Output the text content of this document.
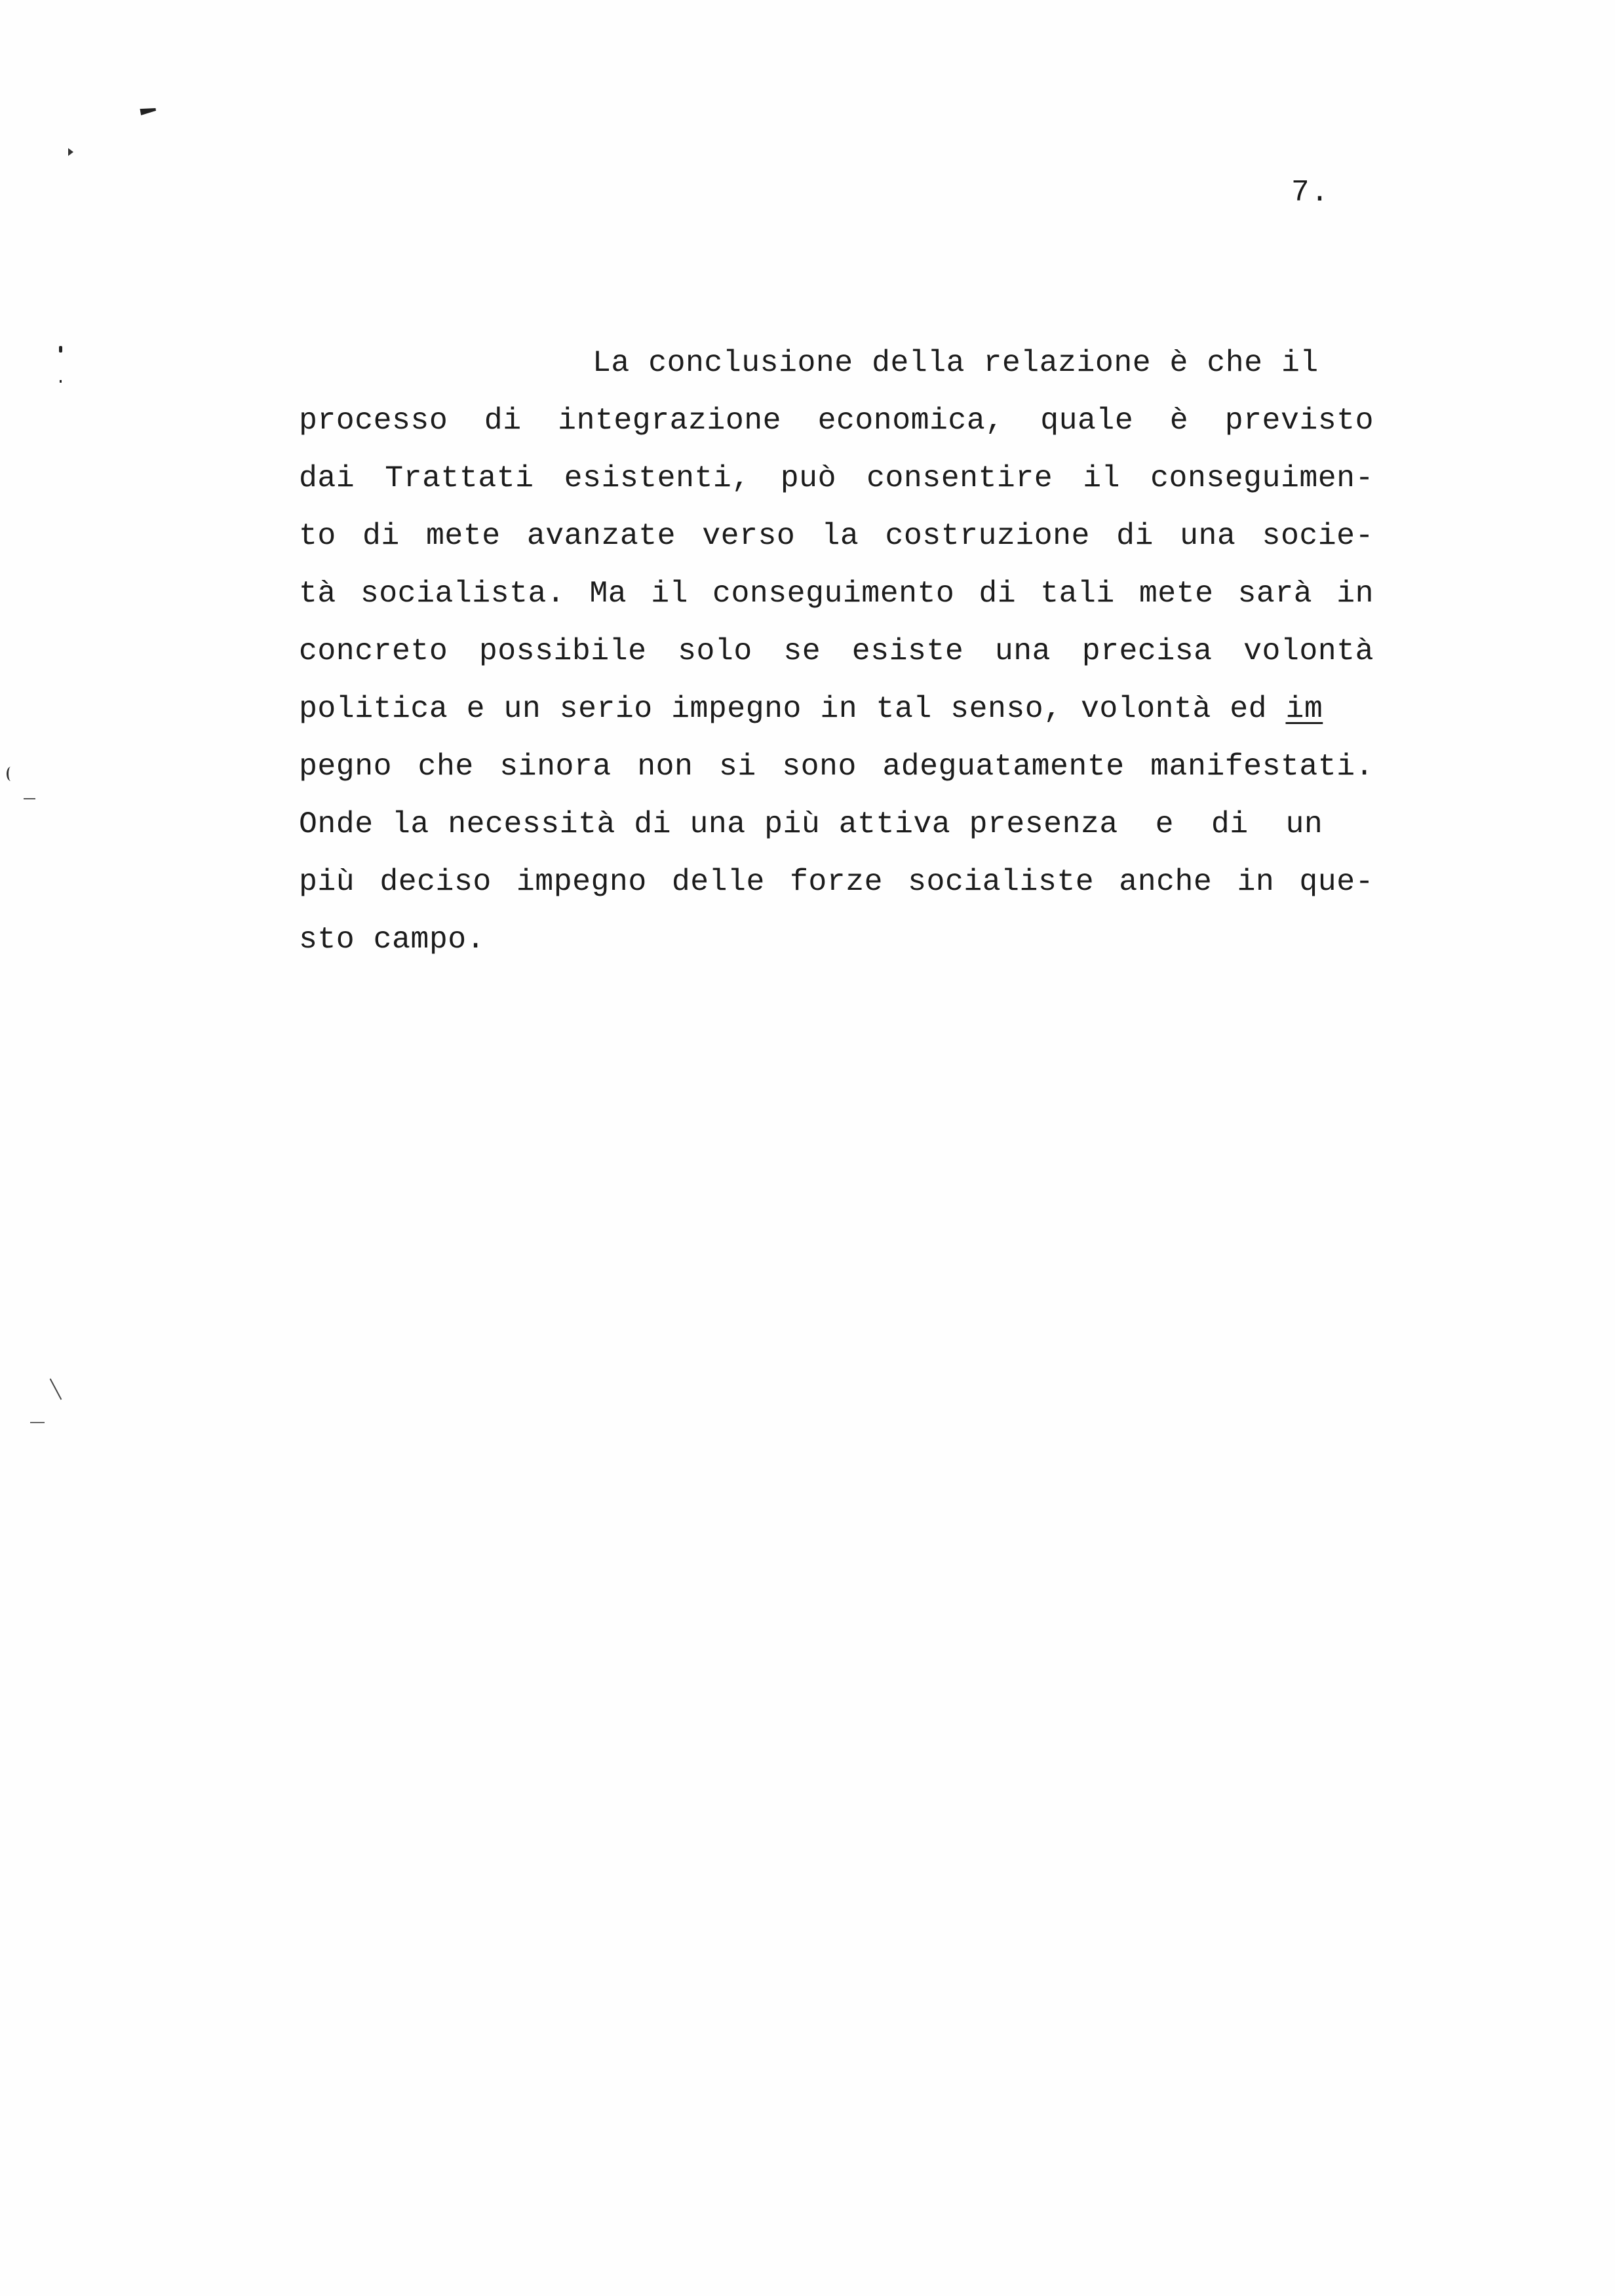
7.
La conclusione della relazione è che il
processo di integrazione economica, quale è previsto
dai Trattati esistenti, può consentire il conseguimen-
to di mete avanzate verso la costruzione di una socie-
tà socialista. Ma il conseguimento di tali mete sarà in
concreto possibile solo se esiste una precisa volontà
politica e un serio impegno in tal senso, volontà ed im
pegno che sinora non si sono adeguatamente manifestati.
Onde la necessità di una più attiva presenza  e  di  un
più deciso impegno delle forze socialiste anche in que-
sto campo.
